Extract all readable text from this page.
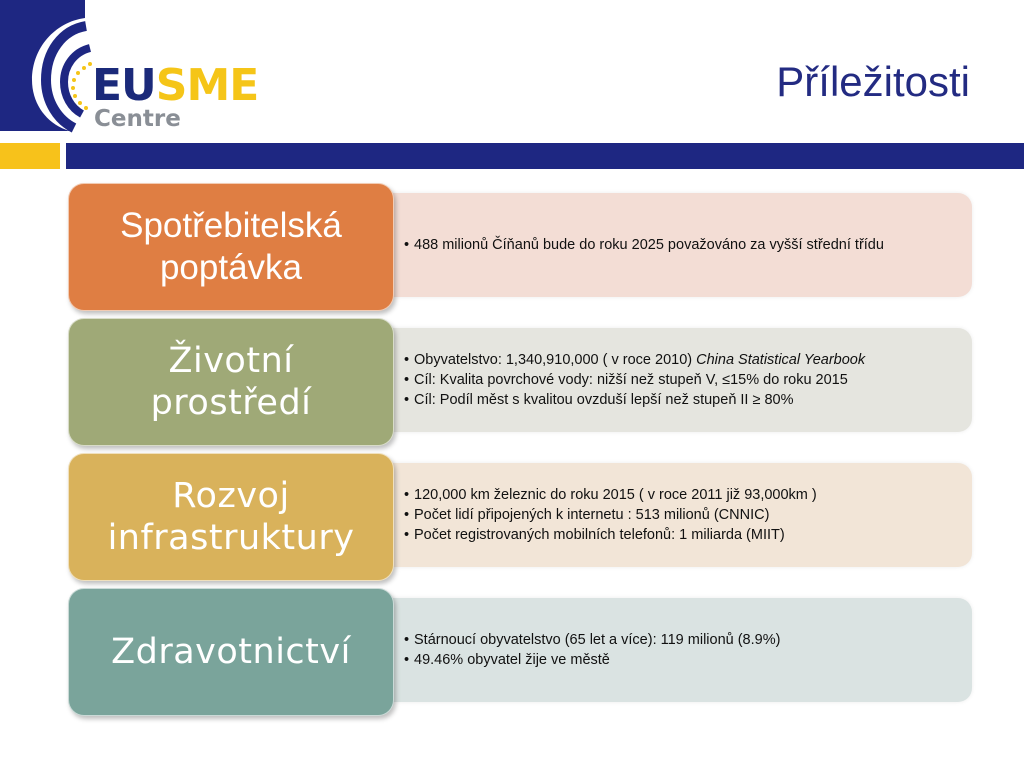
EUSME
Centre
Příležitosti
• 488 milionů Číňanů bude do roku 2025 považováno za vyšší střední třídu
Spotřebitelská
poptávka
• Obyvatelstvo: 1,340,910,000 ( v roce 2010) China Statistical Yearbook
• Cíl: Kvalita povrchové vody: nižší než stupeň V, ≤15% do roku 2015
• Cíl: Podíl měst s kvalitou ovzduší lepší než stupeň II ≥ 80%
Životní
prostředí
• 120,000 km železnic do roku 2015 ( v roce 2011 již 93,000km )
• Počet lidí připojených k internetu : 513 milionů (CNNIC)
• Počet registrovaných mobilních telefonů: 1 miliarda (MIIT)
Rozvoj
infrastruktury
• Stárnoucí obyvatelstvo (65 let a více): 119 milionů (8.9%)
• 49.46% obyvatel žije ve městě
Zdravotnictví
